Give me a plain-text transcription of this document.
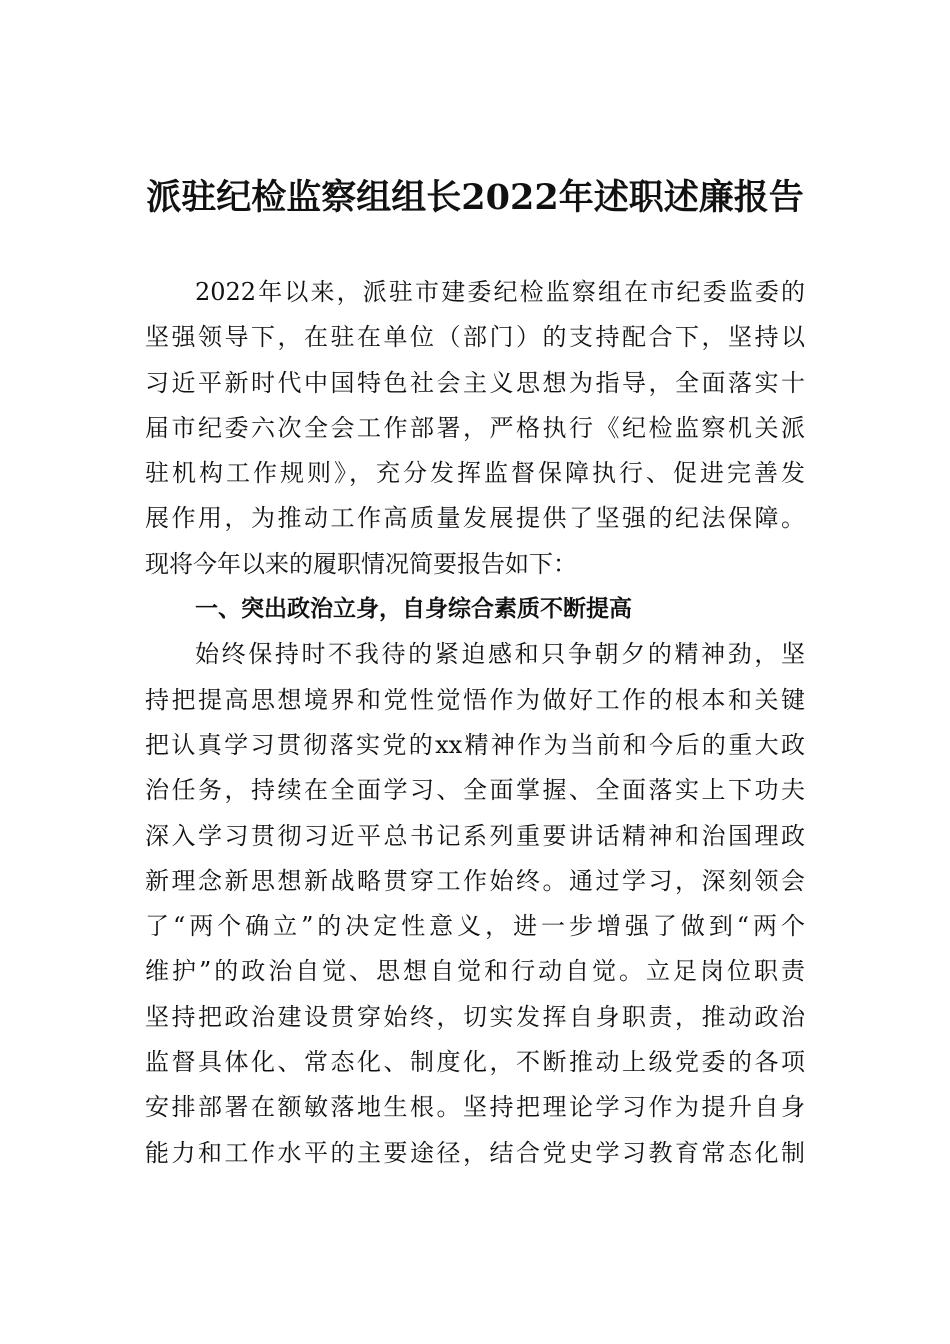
派驻纪检监察组组长2022年述职述廉报告
2022年以来，派驻市建委纪检监察组在市纪委监委的
坚强领导下，在驻在单位（部门）的支持配合下，坚持以
习近平新时代中国特色社会主义思想为指导，全面落实十
届市纪委六次全会工作部署，严格执行《纪检监察机关派
驻机构工作规则》，充分发挥监督保障执行、促进完善发
展作用，为推动工作高质量发展提供了坚强的纪法保障。
现将今年以来的履职情况简要报告如下：
一、突出政治立身，自身综合素质不断提高
始终保持时不我待的紧迫感和只争朝夕的精神劲，坚
持把提高思想境界和党性觉悟作为做好工作的根本和关键
把认真学习贯彻落实党的xx精神作为当前和今后的重大政
治任务，持续在全面学习、全面掌握、全面落实上下功夫
深入学习贯彻习近平总书记系列重要讲话精神和治国理政
新理念新思想新战略贯穿工作始终。通过学习，深刻领会
了“两个确立”的决定性意义，进一步增强了做到“两个
维护”的政治自觉、思想自觉和行动自觉。立足岗位职责
坚持把政治建设贯穿始终，切实发挥自身职责，推动政治
监督具体化、常态化、制度化，不断推动上级党委的各项
安排部署在额敏落地生根。坚持把理论学习作为提升自身
能力和工作水平的主要途径，结合党史学习教育常态化制
